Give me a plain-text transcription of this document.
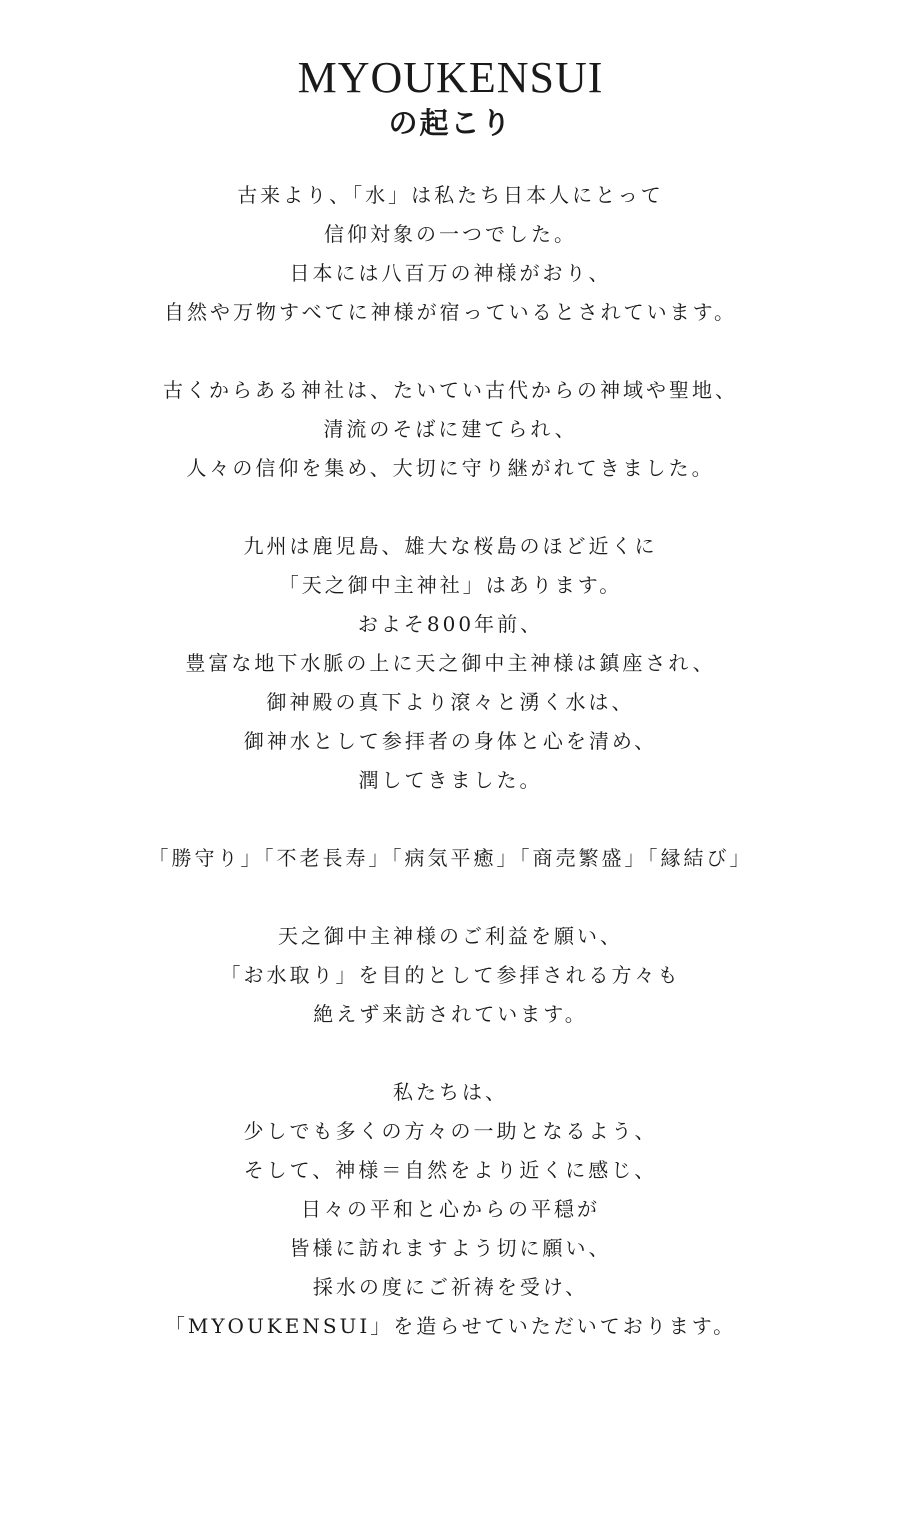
MYOUKENSUI
の起こり
古来より、「水」は私たち日本人にとって
信仰対象の一つでした。
日本には八百万の神様がおり、
自然や万物すべてに神様が宿っているとされています。
古くからある神社は、たいてい古代からの神域や聖地、
清流のそばに建てられ、
人々の信仰を集め、大切に守り継がれてきました。
九州は鹿児島、雄大な桜島のほど近くに
「天之御中主神社」はあります。
およそ800年前、
豊富な地下水脈の上に天之御中主神様は鎮座され、
御神殿の真下より滾々と湧く水は、
御神水として参拝者の身体と心を清め、
潤してきました。
「勝守り」「不老長寿」「病気平癒」「商売繁盛」「縁結び」
天之御中主神様のご利益を願い、
「お水取り」を目的として参拝される方々も
絶えず来訪されています。
私たちは、
少しでも多くの方々の一助となるよう、
そして、神様＝自然をより近くに感じ、
日々の平和と心からの平穏が
皆様に訪れますよう切に願い、
採水の度にご祈祷を受け、
「MYOUKENSUI」を造らせていただいております。
